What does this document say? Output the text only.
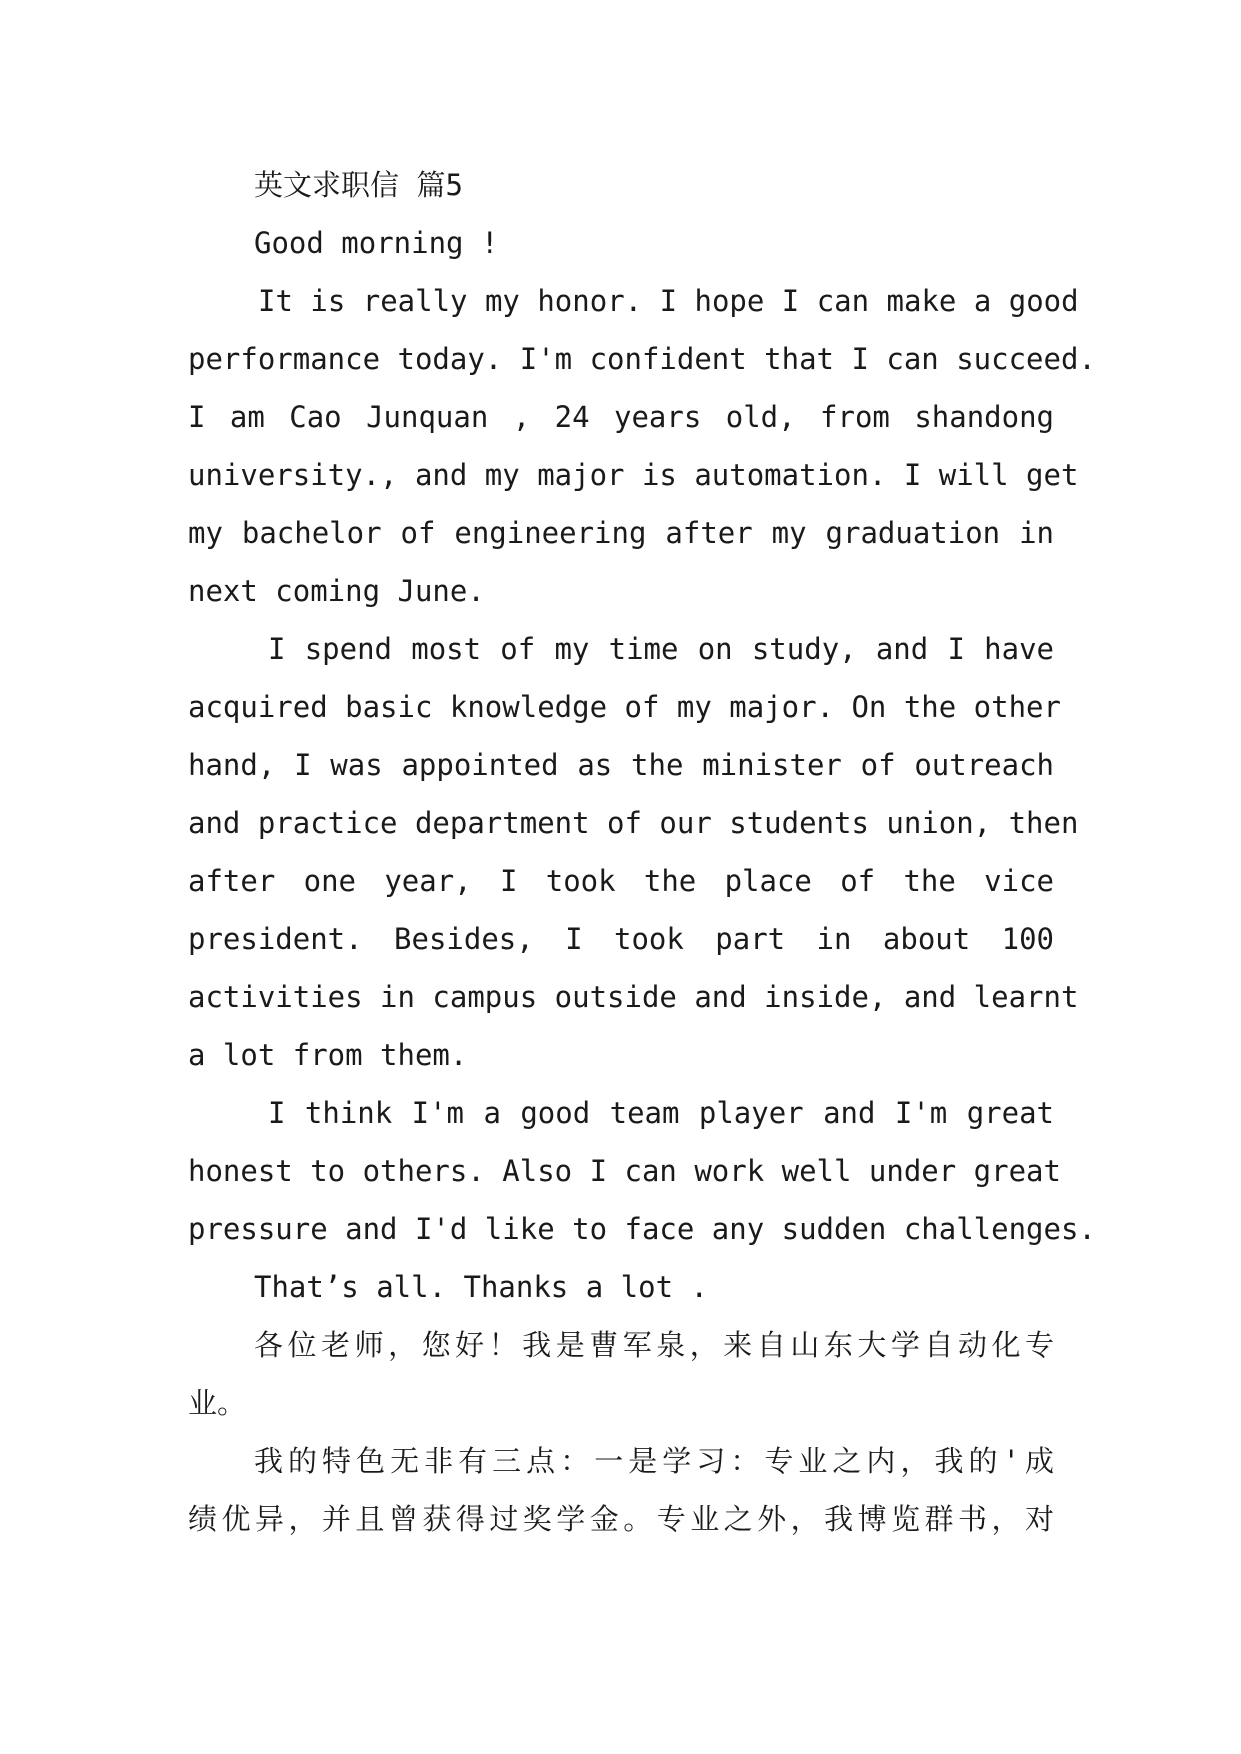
英文求职信 篇5
Good morning !
It is really my honor. I hope I can make a good
performance today. I'm confident that I can succeed.
I am Cao Junquan , 24 years old, from shandong
university., and my major is automation. I will get
my bachelor of engineering after my graduation in
next coming June.
I spend most of my time on study, and I have
acquired basic knowledge of my major. On the other
hand, I was appointed as the minister of outreach
and practice department of our students union, then
after one year, I took the place of the vice
president. Besides, I took part in about 100
activities in campus outside and inside, and learnt
a lot from them.
I think I'm a good team player and I'm great
honest to others. Also I can work well under great
pressure and I'd like to face any sudden challenges.
That’s all. Thanks a lot .
各位老师，您好！我是曹军泉，来自山东大学自动化专
业。
我的特色无非有三点：一是学习：专业之内，我的'成
绩优异，并且曾获得过奖学金。专业之外，我博览群书，对
